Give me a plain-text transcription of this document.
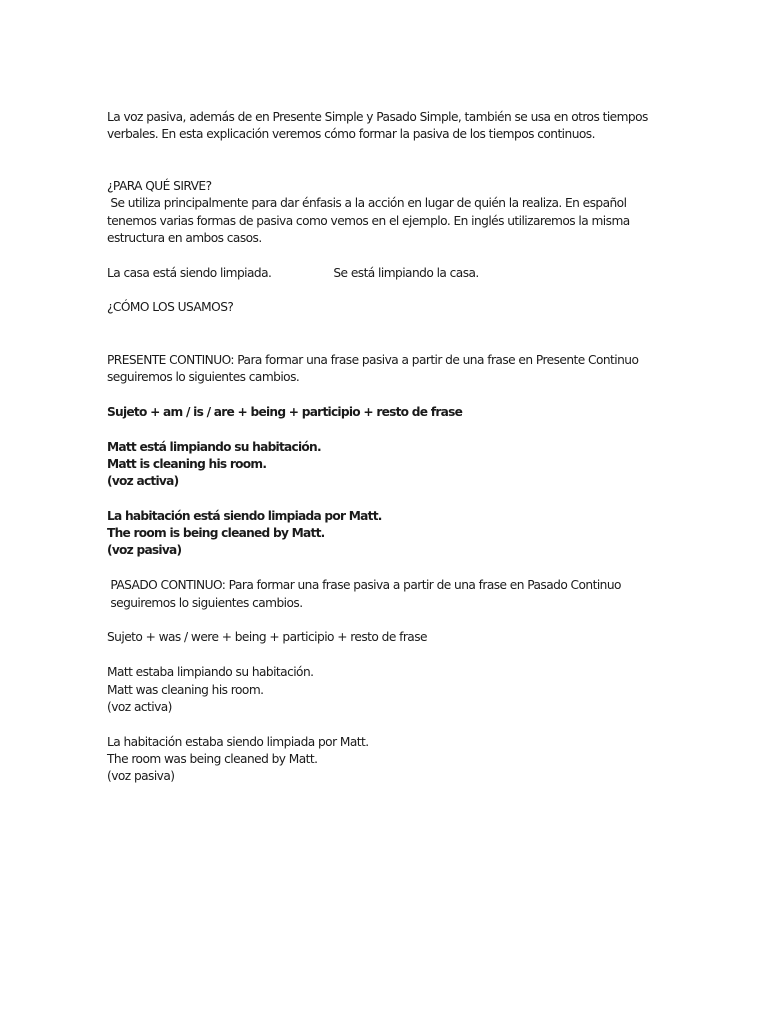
La voz pasiva, además de en Presente Simple y Pasado Simple, también se usa en otros tiempos
verbales. En esta explicación veremos cómo formar la pasiva de los tiempos continuos.
¿PARA QUÉ SIRVE?
Se utiliza principalmente para dar énfasis a la acción en lugar de quién la realiza. En español
tenemos varias formas de pasiva como vemos en el ejemplo. En inglés utilizaremos la misma
estructura en ambos casos.
La casa está siendo limpiada.	Se está limpiando la casa.
¿CÓMO LOS USAMOS?
PRESENTE CONTINUO: Para formar una frase pasiva a partir de una frase en Presente Continuo
seguiremos lo siguientes cambios.
Sujeto + am / is / are + being + participio + resto de frase
Matt está limpiando su habitación.
Matt is cleaning his room.
(voz activa)
La habitación está siendo limpiada por Matt.
The room is being cleaned by Matt.
(voz pasiva)
PASADO CONTINUO: Para formar una frase pasiva a partir de una frase en Pasado Continuo
seguiremos lo siguientes cambios.
Sujeto + was / were + being + participio + resto de frase
Matt estaba limpiando su habitación.
Matt was cleaning his room.
(voz activa)
La habitación estaba siendo limpiada por Matt.
The room was being cleaned by Matt.
(voz pasiva)
